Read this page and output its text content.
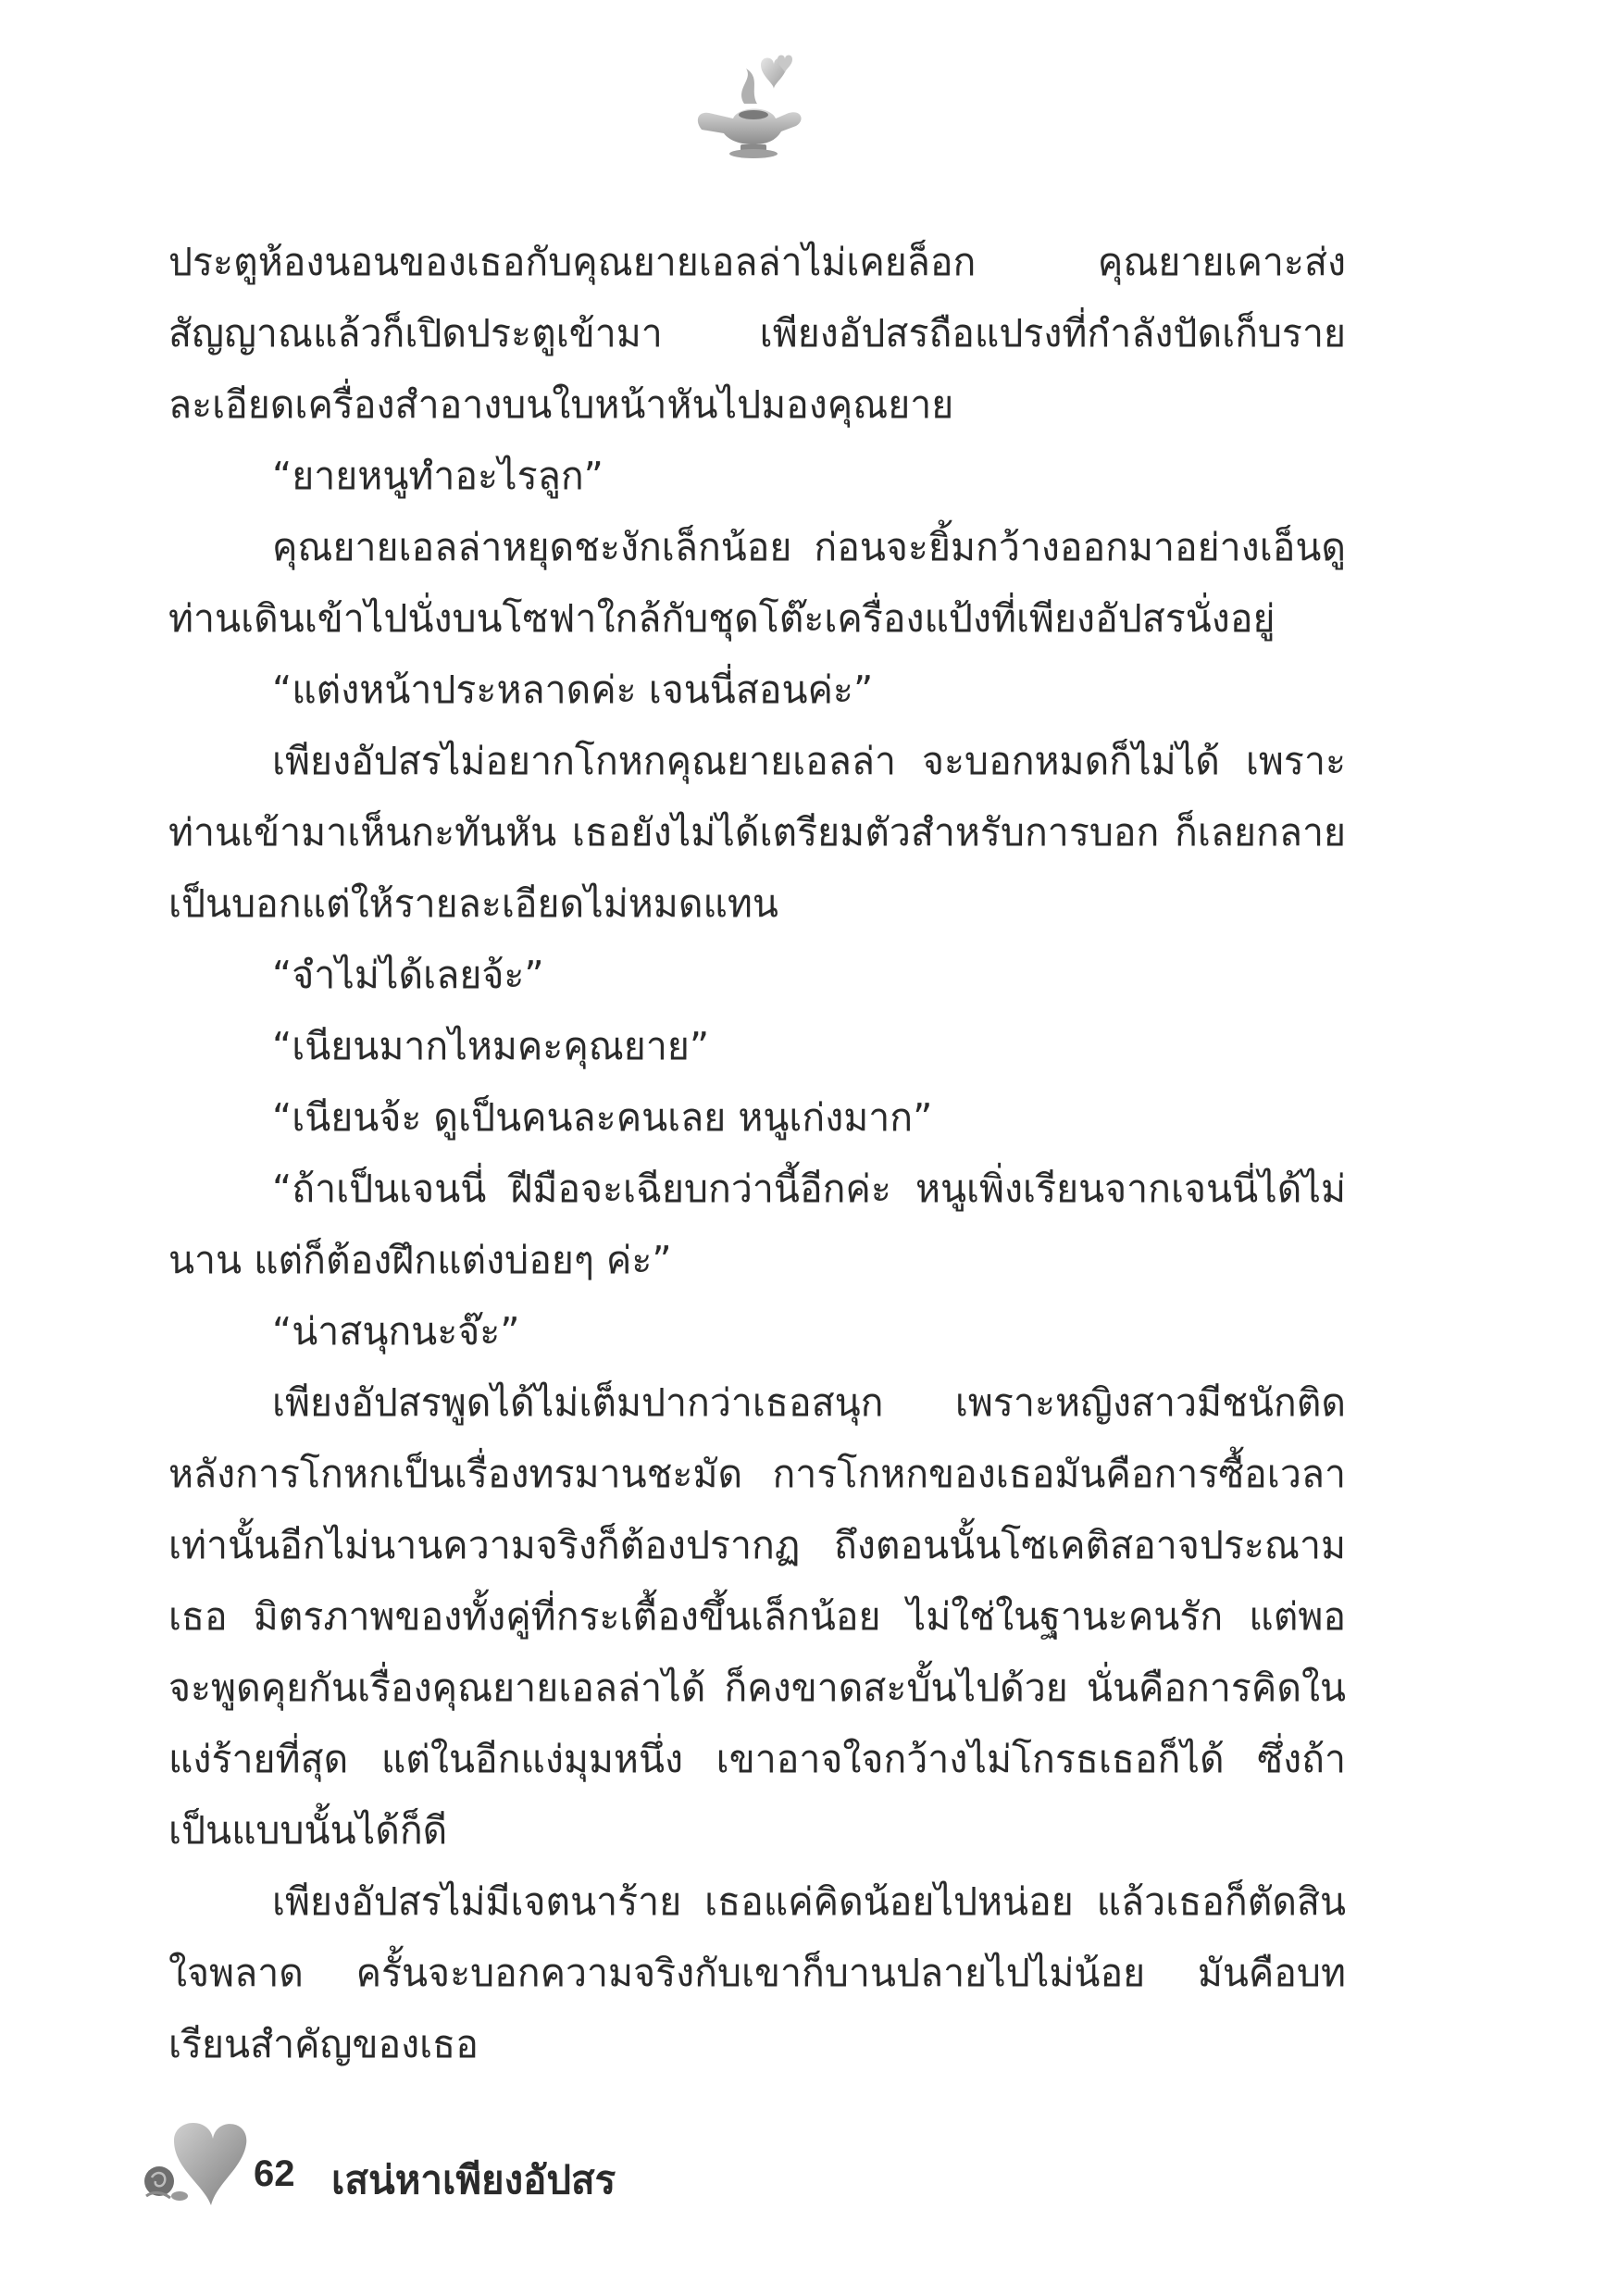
ประตูห้องนอนของเธอกับคุณยายเอลล่าไม่เคยล็อก คุณยายเคาะส่งสัญญาณแล้วก็เปิดประตูเข้ามา เพียงอัปสรถือแปรงที่กำลังปัดเก็บรายละเอียดเครื่องสำอางบนใบหน้าหันไปมองคุณยาย

“ยายหนูทำอะไรลูก”

คุณยายเอลล่าหยุดชะงักเล็กน้อย ก่อนจะยิ้มกว้างออกมาอย่างเอ็นดู ท่านเดินเข้าไปนั่งบนโซฟาใกล้กับชุดโต๊ะเครื่องแป้งที่เพียงอัปสรนั่งอยู่

“แต่งหน้าประหลาดค่ะ เจนนี่สอนค่ะ”

เพียงอัปสรไม่อยากโกหกคุณยายเอลล่า จะบอกหมดก็ไม่ได้ เพราะท่านเข้ามาเห็นกะทันหัน เธอยังไม่ได้เตรียมตัวสำหรับการบอก ก็เลยกลายเป็นบอกแต่ให้รายละเอียดไม่หมดแทน

“จำไม่ได้เลยจ้ะ”

“เนียนมากไหมคะคุณยาย”

“เนียนจ้ะ ดูเป็นคนละคนเลย หนูเก่งมาก”

“ถ้าเป็นเจนนี่ ฝีมือจะเฉียบกว่านี้อีกค่ะ หนูเพิ่งเรียนจากเจนนี่ได้ไม่นาน แต่ก็ต้องฝึกแต่งบ่อยๆ ค่ะ”

“น่าสนุกนะจ๊ะ”

เพียงอัปสรพูดได้ไม่เต็มปากว่าเธอสนุก เพราะหญิงสาวมีชนักติดหลังการโกหกเป็นเรื่องทรมานชะมัด การโกหกของเธอมันคือการซื้อเวลาเท่านั้นอีกไม่นานความจริงก็ต้องปรากฏ ถึงตอนนั้นโซเคติสอาจประณามเธอ มิตรภาพของทั้งคู่ที่กระเตื้องขึ้นเล็กน้อย ไม่ใช่ในฐานะคนรัก แต่พอจะพูดคุยกันเรื่องคุณยายเอลล่าได้ ก็คงขาดสะบั้นไปด้วย นั่นคือการคิดในแง่ร้ายที่สุด แต่ในอีกแง่มุมหนึ่ง เขาอาจใจกว้างไม่โกรธเธอก็ได้ ซึ่งถ้าเป็นแบบนั้นได้ก็ดี

เพียงอัปสรไม่มีเจตนาร้าย เธอแค่คิดน้อยไปหน่อย แล้วเธอก็ตัดสินใจพลาด ครั้นจะบอกความจริงกับเขาก็บานปลายไปไม่น้อย มันคือบทเรียนสำคัญของเธอ

62 เสน่หาเพียงอัปสร
